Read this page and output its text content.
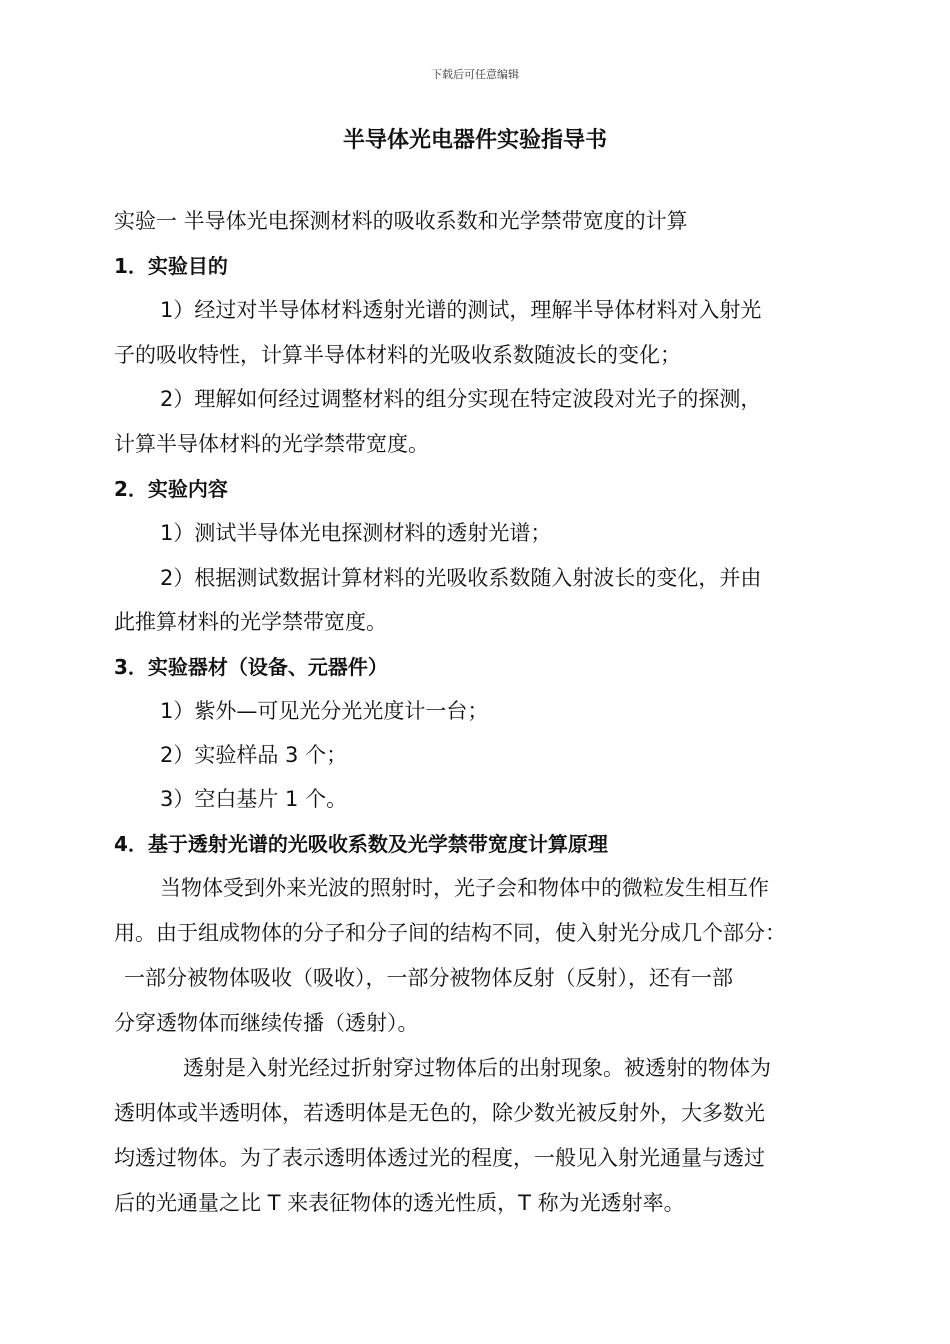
下载后可任意编辑
半导体光电器件实验指导书
实验一 半导体光电探测材料的吸收系数和光学禁带宽度的计算
1．实验目的
1）经过对半导体材料透射光谱的测试，理解半导体材料对入射光
子的吸收特性，计算半导体材料的光吸收系数随波长的变化；
2）理解如何经过调整材料的组分实现在特定波段对光子的探测，
计算半导体材料的光学禁带宽度。
2．实验内容
1）测试半导体光电探测材料的透射光谱；
2）根据测试数据计算材料的光吸收系数随入射波长的变化，并由
此推算材料的光学禁带宽度。
3．实验器材（设备、元器件）
1）紫外—可见光分光光度计一台；
2）实验样品 3 个；
3）空白基片 1 个。
4．基于透射光谱的光吸收系数及光学禁带宽度计算原理
当物体受到外来光波的照射时，光子会和物体中的微粒发生相互作
用。由于组成物体的分子和分子间的结构不同，使入射光分成几个部分：
一部分被物体吸收（吸收），一部分被物体反射（反射），还有一部
分穿透物体而继续传播（透射）。
透射是入射光经过折射穿过物体后的出射现象。被透射的物体为
透明体或半透明体，若透明体是无色的，除少数光被反射外，大多数光
均透过物体。为了表示透明体透过光的程度，一般见入射光通量与透过
后的光通量之比 T 来表征物体的透光性质，T 称为光透射率。
